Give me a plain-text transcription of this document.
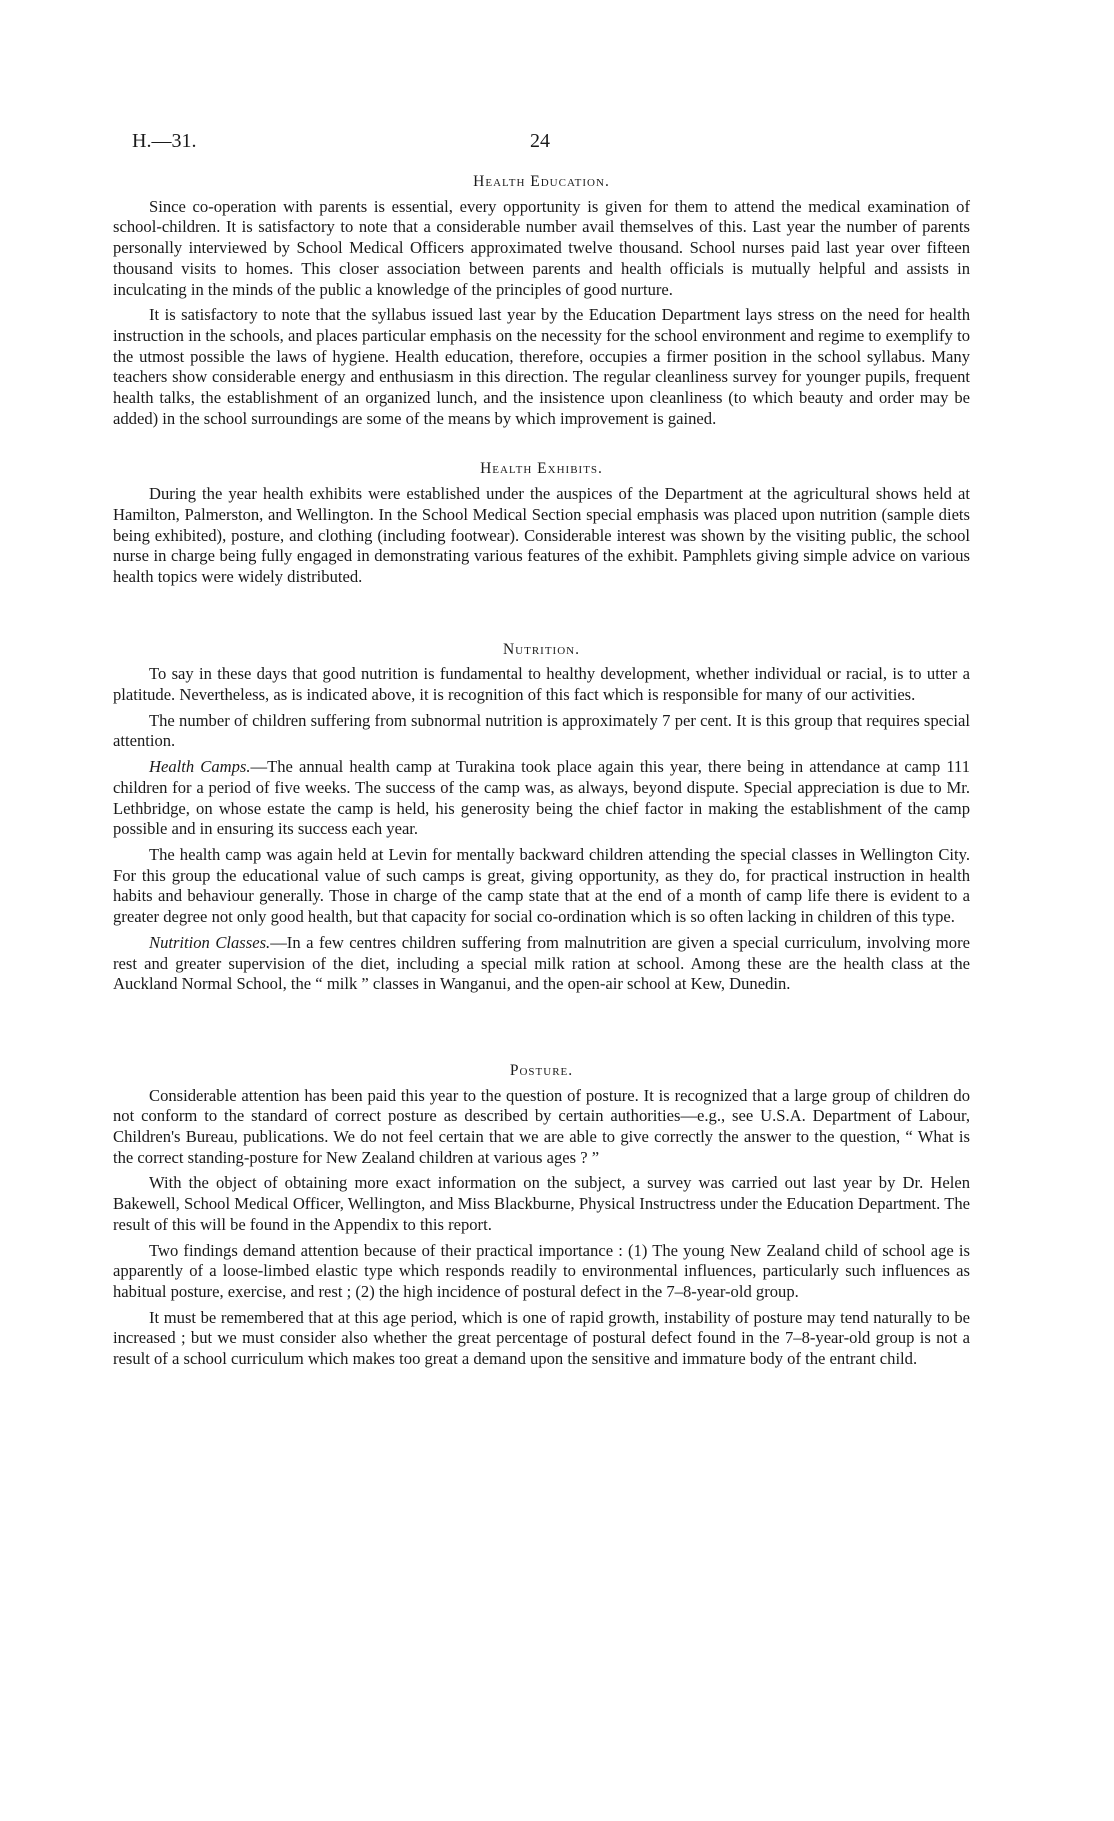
H.—31.	24
Health Education.

Since co-operation with parents is essential, every opportunity is given for them to attend the medical examination of school-children. It is satisfactory to note that a considerable number avail themselves of this. Last year the number of parents personally interviewed by School Medical Officers approximated twelve thousand. School nurses paid last year over fifteen thousand visits to homes. This closer association between parents and health officials is mutually helpful and assists in inculcating in the minds of the public a knowledge of the principles of good nurture.

It is satisfactory to note that the syllabus issued last year by the Education Department lays stress on the need for health instruction in the schools, and places particular emphasis on the necessity for the school environment and regime to exemplify to the utmost possible the laws of hygiene. Health education, therefore, occupies a firmer position in the school syllabus. Many teachers show considerable energy and enthusiasm in this direction. The regular cleanliness survey for younger pupils, frequent health talks, the establishment of an organized lunch, and the insistence upon cleanliness (to which beauty and order may be added) in the school surroundings are some of the means by which improvement is gained.

Health Exhibits.

During the year health exhibits were established under the auspices of the Department at the agricultural shows held at Hamilton, Palmerston, and Wellington. In the School Medical Section special emphasis was placed upon nutrition (sample diets being exhibited), posture, and clothing (including footwear). Considerable interest was shown by the visiting public, the school nurse in charge being fully engaged in demonstrating various features of the exhibit. Pamphlets giving simple advice on various health topics were widely distributed.

Nutrition.

To say in these days that good nutrition is fundamental to healthy development, whether individual or racial, is to utter a platitude. Nevertheless, as is indicated above, it is recognition of this fact which is responsible for many of our activities.

The number of children suffering from subnormal nutrition is approximately 7 per cent. It is this group that requires special attention.

Health Camps.—The annual health camp at Turakina took place again this year, there being in attendance at camp 111 children for a period of five weeks. The success of the camp was, as always, beyond dispute. Special appreciation is due to Mr. Lethbridge, on whose estate the camp is held, his generosity being the chief factor in making the establishment of the camp possible and in ensuring its success each year.

The health camp was again held at Levin for mentally backward children attending the special classes in Wellington City. For this group the educational value of such camps is great, giving opportunity, as they do, for practical instruction in health habits and behaviour generally. Those in charge of the camp state that at the end of a month of camp life there is evident to a greater degree not only good health, but that capacity for social co-ordination which is so often lacking in children of this type.

Nutrition Classes.—In a few centres children suffering from malnutrition are given a special curriculum, involving more rest and greater supervision of the diet, including a special milk ration at school. Among these are the health class at the Auckland Normal School, the “ milk ” classes in Wanganui, and the open-air school at Kew, Dunedin.

Posture.

Considerable attention has been paid this year to the question of posture. It is recognized that a large group of children do not conform to the standard of correct posture as described by certain authorities—e.g., see U.S.A. Department of Labour, Children's Bureau, publications. We do not feel certain that we are able to give correctly the answer to the question, “ What is the correct standing-posture for New Zealand children at various ages ? ”

With the object of obtaining more exact information on the subject, a survey was carried out last year by Dr. Helen Bakewell, School Medical Officer, Wellington, and Miss Blackburne, Physical Instructress under the Education Department. The result of this will be found in the Appendix to this report.

Two findings demand attention because of their practical importance : (1) The young New Zealand child of school age is apparently of a loose-limbed elastic type which responds readily to environmental influences, particularly such influences as habitual posture, exercise, and rest ; (2) the high incidence of postural defect in the 7–8-year-old group.

It must be remembered that at this age period, which is one of rapid growth, instability of posture may tend naturally to be increased ; but we must consider also whether the great percentage of postural defect found in the 7–8-year-old group is not a result of a school curriculum which makes too great a demand upon the sensitive and immature body of the entrant child.
